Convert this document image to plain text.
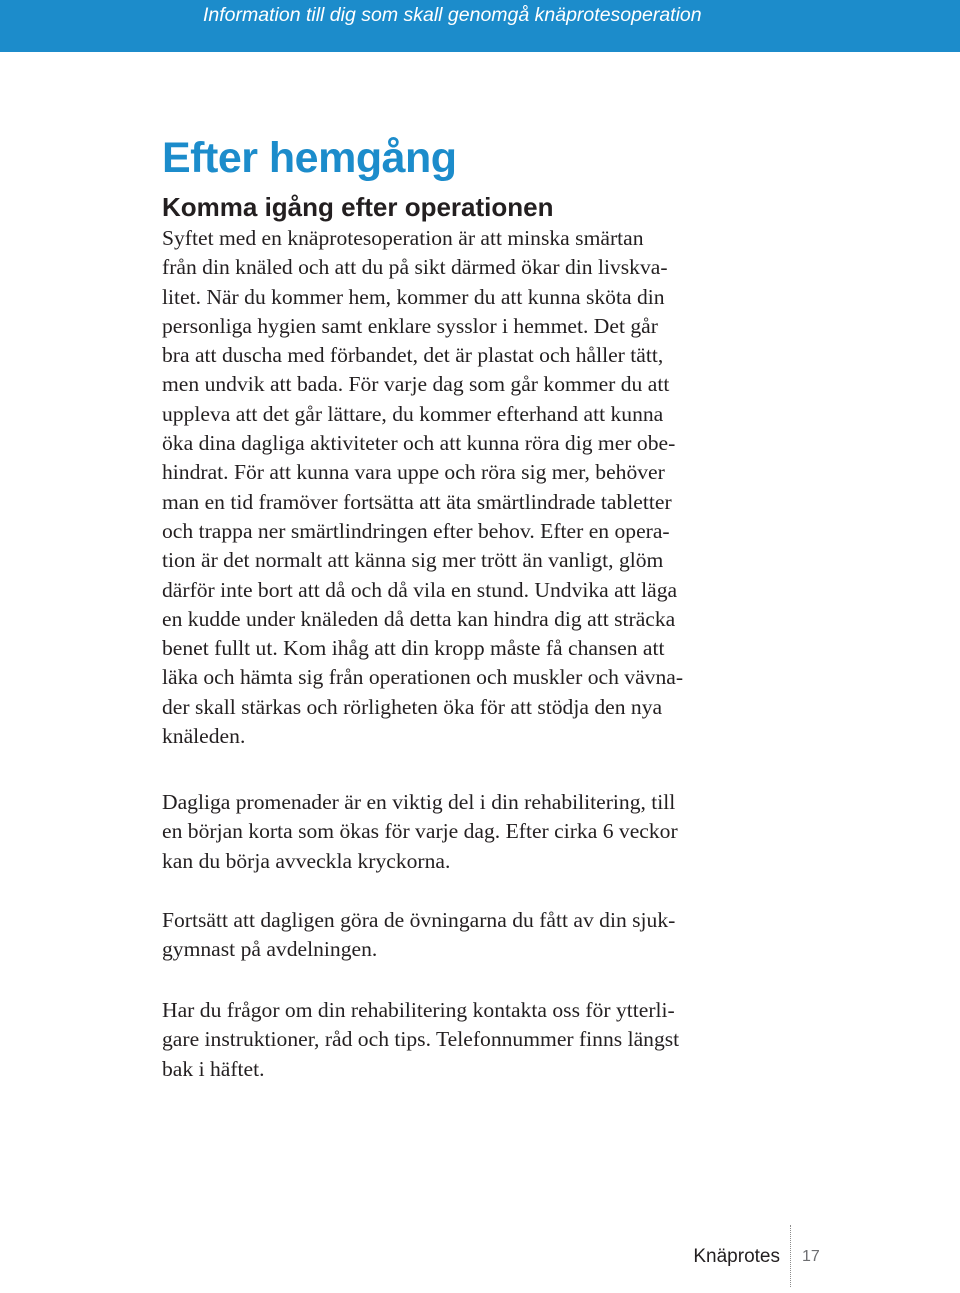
Information till dig som skall genomgå knäprotesoperation
Efter hemgång
Komma igång efter operationen

Syftet med en knäprotesoperation är att minska smärtan
från din knäled och att du på sikt därmed ökar din livskva-
litet. När du kommer hem, kommer du att kunna sköta din
personliga hygien samt enklare sysslor i hemmet. Det går
bra att duscha med förbandet, det är plastat och håller tätt,
men undvik att bada. För varje dag som går kommer du att
uppleva att det går lättare, du kommer efterhand att kunna
öka dina dagliga aktiviteter och att kunna röra dig mer obe-
hindrat. För att kunna vara uppe och röra sig mer, behöver
man en tid framöver fortsätta att äta smärtlindrade tabletter
och trappa ner smärtlindringen efter behov. Efter en opera-
tion är det normalt att känna sig mer trött än vanligt, glöm
därför inte bort att då och då vila en stund. Undvika att läga
en kudde under knäleden då detta kan hindra dig att sträcka
benet fullt ut. Kom ihåg att din kropp måste få chansen att
läka och hämta sig från operationen och muskler och vävna-
der skall stärkas och rörligheten öka för att stödja den nya
knäleden.

Dagliga promenader är en viktig del i din rehabilitering, till
en början korta som ökas för varje dag. Efter cirka 6 veckor
kan du börja avveckla kryckorna.

Fortsätt att dagligen göra de övningarna du fått av din sjuk-
gymnast på avdelningen.

Har du frågor om din rehabilitering kontakta oss för ytterli-
gare instruktioner, råd och tips. Telefonnummer finns längst
bak i häftet.

Knäprotes 17
